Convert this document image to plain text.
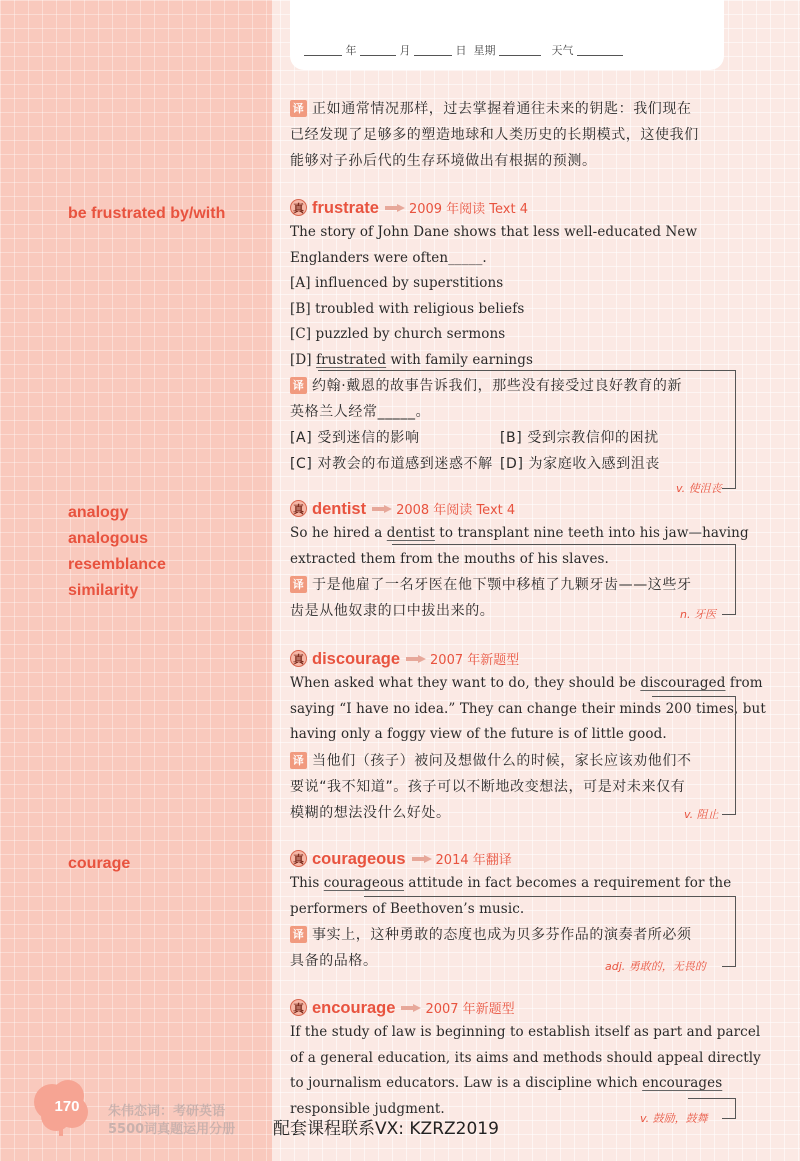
be frustrated by/with
analogy
analogous
resemblance
similarity
courage
170	朱伟恋词：考研英语
5500词真题运用分册
年	月	日 星期	天气
译 正如通常情况那样，过去掌握着通往未来的钥匙：我们现在
已经发现了足够多的塑造地球和人类历史的长期模式，这使我们
能够对子孙后代的生存环境做出有根据的预测。
真 frustrate 2009 年阅读 Text 4
The story of John Dane shows that less well-educated New
Englanders were often_____.
[A] influenced by superstitions
[B] troubled with religious beliefs
[C] puzzled by church sermons
[D] frustrated with family earnings
译 约翰·戴恩的故事告诉我们，那些没有接受过良好教育的新
英格兰人经常_____。
[A] 受到迷信的影响	[B] 受到宗教信仰的困扰
[C] 对教会的布道感到迷惑不解 [D] 为家庭收入感到沮丧
v. 使沮丧
真 dentist 2008 年阅读 Text 4
So he hired a dentist to transplant nine teeth into his jaw—having
extracted them from the mouths of his slaves.
译 于是他雇了一名牙医在他下颚中移植了九颗牙齿——这些牙
齿是从他奴隶的口中拔出来的。	n. 牙医
真 discourage 2007 年新题型
When asked what they want to do, they should be discouraged from
saying “I have no idea.” They can change their minds 200 times, but
having only a foggy view of the future is of little good.
译 当他们（孩子）被问及想做什么的时候，家长应该劝他们不
要说“我不知道”。孩子可以不断地改变想法，可是对未来仅有
模糊的想法没什么好处。	v. 阻止
真 courageous 2014 年翻译
This courageous attitude in fact becomes a requirement for the
performers of Beethoven’s music.
译 事实上，这种勇敢的态度也成为贝多芬作品的演奏者所必须
具备的品格。	adj. 勇敢的，无畏的
真 encourage 2007 年新题型
If the study of law is beginning to establish itself as part and parcel
of a general education, its aims and methods should appeal directly
to journalism educators. Law is a discipline which encourages
responsible judgment.
v. 鼓励，鼓舞
配套课程联系VX: KZRZ2019
